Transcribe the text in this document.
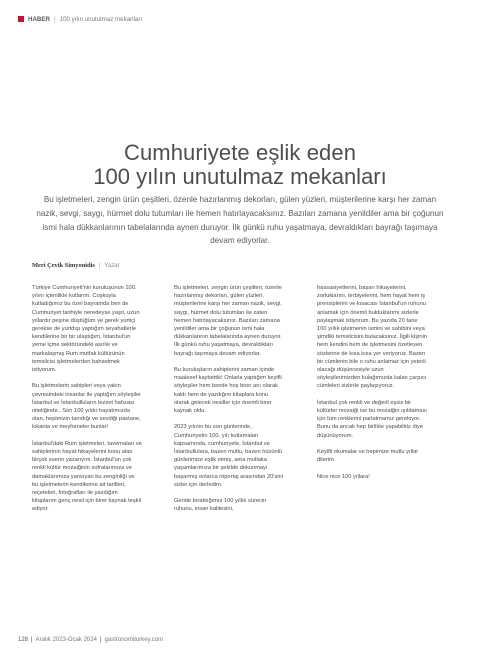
HABER | 100 yılın unutulmaz mekanları
Cumhuriyete eşlik eden
100 yılın unutulmaz mekanları

Bu işletmeleri, zengin ürün çeşitleri, özenle hazırlanmış dekorları, gülen yüzleri, müşterilerine karşı her zaman nazik, sevgi, saygı, hürmet dolu tutumları ile hemen hatırlayacaksınız. Bazıları zamana yenildiler ama bir çoğunun ismi hala dükkanlarının tabelalarında aynen duruyor. İlk günkü ruhu yaşatmaya, devraldıkları bayrağı taşımaya devam ediyorlar.

Meri Çevik Simyonidis | Yazar

Türkiye Cumhuriyeti'nin kuruluşunun 100. yılını içtenlikle kutlarım. Coşkuyla kutladığımız bu özel bayramda ben de Cumhuriyet tarihiyle neredeyse yaşıt, uzun yıllardır peşine düştüğüm ve gerek yurtiçi gerekse de yurtdışı yaptığım seyahatlerle kendilerine bir bir ulaştığım, İstanbul'un yeme içme sektöründeki asırlık ve markalaşmış Rum mutfak kültürünün temsilcisi işletmelerden bahsetmek istiyorum.

Bu işletmelerin sahipleri veya yakın çevresindeki insanlar ile yaptığım söyleşiler İstanbul ve İstanbulluların lezzet hafızası niteliğinde.. Son 100 yıldır hayatımızda olan, hepimizin tanıdığı ve sevdiği pastane, lokanta ve meyhaneler bunlar!

İstanbul'daki Rum işletmeleri, tavernaları ve sahiplerinin hayat hikayelerini konu alan birçok eserin yazarıyım. İstanbul'un çok renkli kültür mozaiğinin sofralarımıza ve damaklarımıza yansıyan bu zenginliği ve bu işletmelerin kendilerine ait tarifleri, reçeteleri, fotoğrafları ile yazdığım kitaplarım genç nesil için birer kaynak teşkil ediyor.

Bu işletmeleri, zengin ürün çeşitleri, özenle hazırlanmış dekorları, gülen yüzleri, müşterilerine karşı her zaman nazik, sevgi, saygı, hürmet dolu tutumları ile zaten hemen hatırlayacaksınız. Bazıları zamana yenildiler ama bir çoğunun ismi hala dükkanlarının tabelalarında aynen duruyor. İlk günkü ruhu yaşatmaya, devraldıkları bayrağı taşımaya devam ediyorlar.

Bu kuruluşların sahiplerini zaman içinde maalesef kaybettik! Onlarla yaptığım keyifli söyleşiler hem bende hoş birer anı olarak kaldı hem de yazdığım kitaplara konu olarak gelecek nesiller için önemli birer kaynak oldu.

2023 yılının bu son günlerinde, Cumhuriyetin 100. yılı kutlamaları kapsamında, cumhuriyete, İstanbul ve İstanbullulara, bazen mutlu, bazen hüzünlü günlerimize eşlik etmiş, ama mutlaka yaşamlarımıza bir şekilde dokunmayı başarmış onlarca röportaj arasından 20'sini sizler için derledim.

Geride bıraktığımız 100 yıllık sürecin ruhunu, insan kalitesini,

hassasiyetlerini, başarı hikayelerini, zorluklarını, terbiyelerini, hem hayat hem iş prensiplerini ve kısacası İstanbul'un ruhunu anlamak için önemli bulduklarımı sizlerle paylaşmak istiyorum. Bu yazıda 20 tane 100 yıllık işletmenin ismini ve sahibini veya şimdiki temsilcisini bulacaksınız. İlgili kişinin hem kendini hem de işletmesini özetleyen sözlerine de kısa kısa yer veriyoruz. Bazen bir cümlenin bile o ruhu anlamaz için yeterli olacağı düşüncesiyle uzun söyleşilerimizden kulağımızda kalan çarpıcı cümleleri sizlerle paylaşıyoruz.

İstanbul çok renkli ve değerli eşsiz bir kültürler mozaiği ise bu mozaiğin ışıldaması için tüm renklerini parlatmamız gerekiyor. Bunu da ancak hep birlikte yapabiliriz diye düşünüyorum.

Keyifli okumalar ve hepimize mutlu yıllar dilerim.

Nice nice 100 yıllara!

128 | Aralık 2023-Ocak 2024 | gastronomiturkey.com
